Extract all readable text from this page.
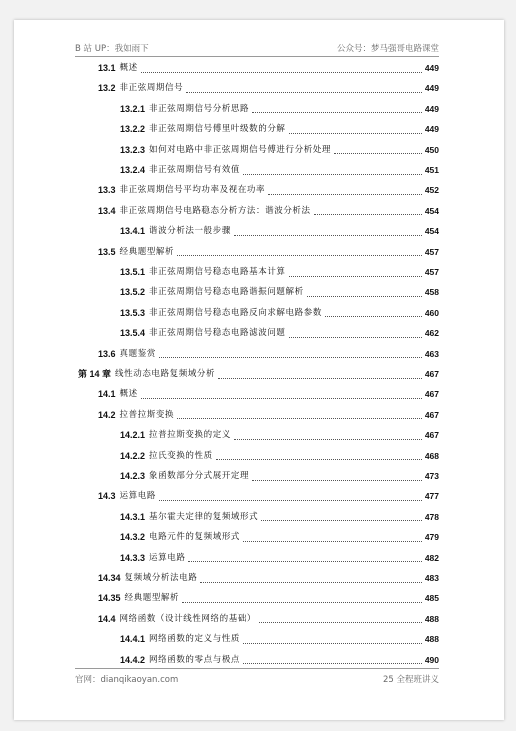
B 站 UP：我如雨下	公众号：梦马强哥电路课堂
13.1 概述	449
13.2 非正弦周期信号	449
13.2.1 非正弦周期信号分析思路	449
13.2.2 非正弦周期信号傅里叶级数的分解	449
13.2.3 如何对电路中非正弦周期信号傅进行分析处理	450
13.2.4 非正弦周期信号有效值	451
13.3 非正弦周期信号平均功率及视在功率	452
13.4 非正弦周期信号电路稳态分析方法：谐波分析法	454
13.4.1 谐波分析法一般步骤	454
13.5 经典题型解析	457
13.5.1 非正弦周期信号稳态电路基本计算	457
13.5.2 非正弦周期信号稳态电路谐振问题解析	458
13.5.3 非正弦周期信号稳态电路反向求解电路参数	460
13.5.4 非正弦周期信号稳态电路滤波问题	462
13.6 真题鉴赏	463
第 14 章 线性动态电路复频域分析	467
14.1 概述	467
14.2 拉普拉斯变换	467
14.2.1 拉普拉斯变换的定义	467
14.2.2 拉氏变换的性质	468
14.2.3 象函数部分分式展开定理	473
14.3 运算电路	477
14.3.1 基尔霍夫定律的复频域形式	478
14.3.2 电路元件的复频域形式	479
14.3.3 运算电路	482
14.34 复频域分析法电路	483
14.35 经典题型解析	485
14.4 网络函数（设计线性网络的基础）	488
14.4.1 网络函数的定义与性质	488
14.4.2 网络函数的零点与极点	490
官网：dianqikaoyan.com	25 全程班讲义
